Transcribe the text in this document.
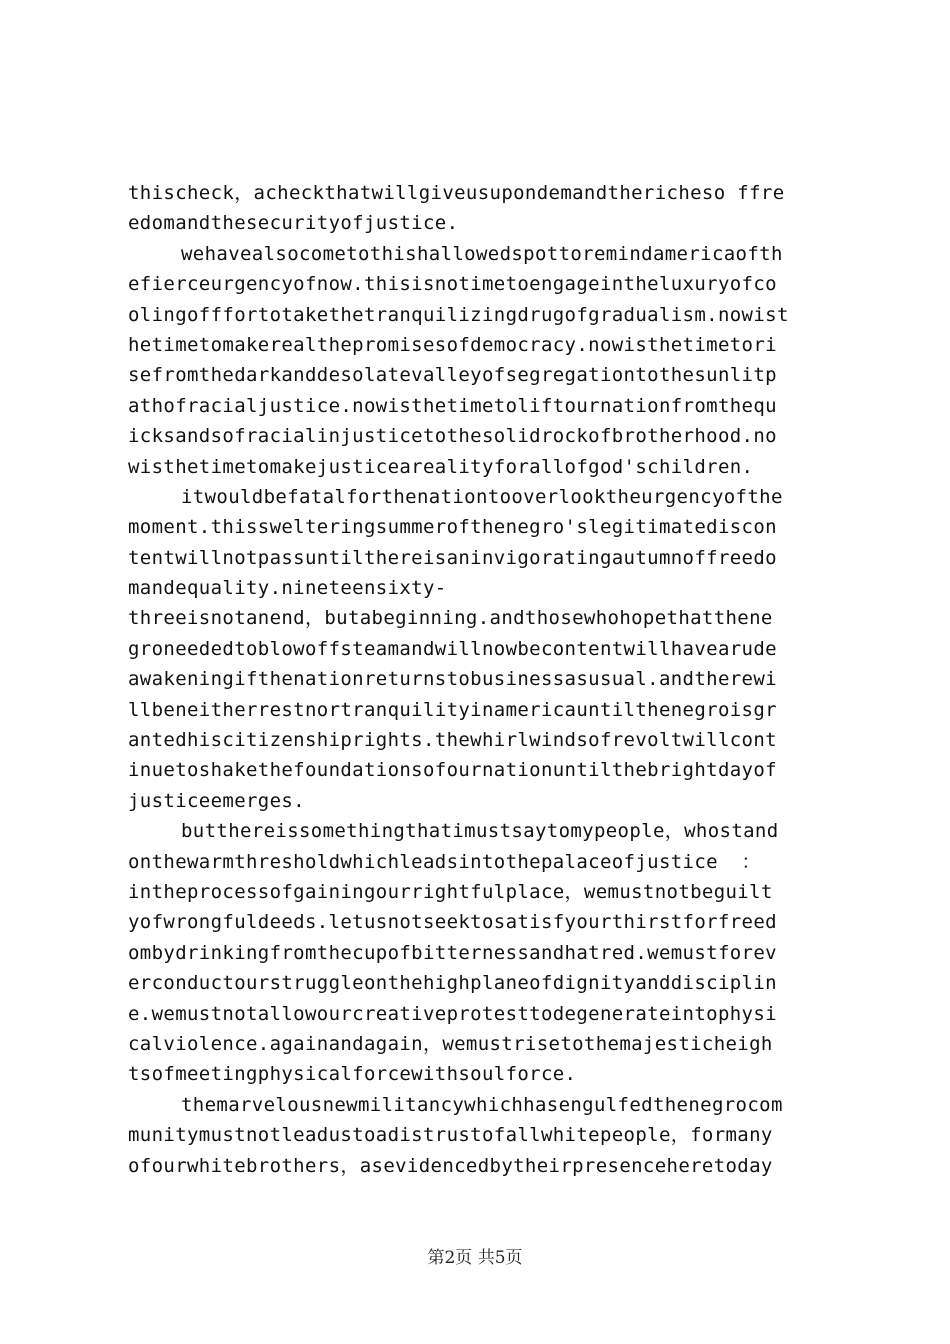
thischeck，acheckthatwillgiveusupondemandthericheso ffre
edomandthesecurityofjustice.
wehavealsocometothishallowedspottoremindamericaofth
efierceurgencyofnow.thisisnotimetoengageintheluxuryofco
olingofffortotakethetranquilizingdrugofgradualism.nowist
hetimetomakerealthepromisesofdemocracy.nowisthetimetori
sefromthedarkanddesolatevalleyofsegregationtothesunlitp
athofracialjustice.nowisthetimetoliftournationfromthequ
icksandsofracialinjusticetothesolidrockofbrotherhood.no
wisthetimetomakejusticearealityforallofgod'schildren.
itwouldbefatalforthenationtooverlooktheurgencyofthe
moment.thisswelteringsummerofthenegro'slegitimatediscon
tentwillnotpassuntilthereisaninvigoratingautumnoffreedo
mandequality.nineteensixty-
threeisnotanend，butabeginning.andthosewhohopethatthene
groneededtoblowoffsteamandwillnowbecontentwillhavearude
awakeningifthenationreturnstobusinessasusual.andtherewi
llbeneitherrestnortranquilityinamericauntilthenegroisgr
antedhiscitizenshiprights.thewhirlwindsofrevoltwillcont
inuetoshakethefoundationsofournationuntilthebrightdayof
justiceemerges.
butthereissomethingthatimustsaytomypeople，whostand
onthewarmthresholdwhichleadsintothepalaceofjustice  ：
intheprocessofgainingourrightfulplace，wemustnotbeguilt
yofwrongfuldeeds.letusnotseektosatisfyourthirstforfreed
ombydrinkingfromthecupofbitternessandhatred.wemustforev
erconductourstruggleonthehighplaneofdignityanddisciplin
e.wemustnotallowourcreativeprotesttodegenerateintophysi
calviolence.againandagain，wemustrisetothemajesticheigh
tsofmeetingphysicalforcewithsoulforce.
themarvelousnewmilitancywhichhasengulfedthenegrocom
munitymustnotleadustoadistrustofallwhitepeople，formany
ofourwhitebrothers，asevidencedbytheirpresenceheretoday
第2页 共5页
